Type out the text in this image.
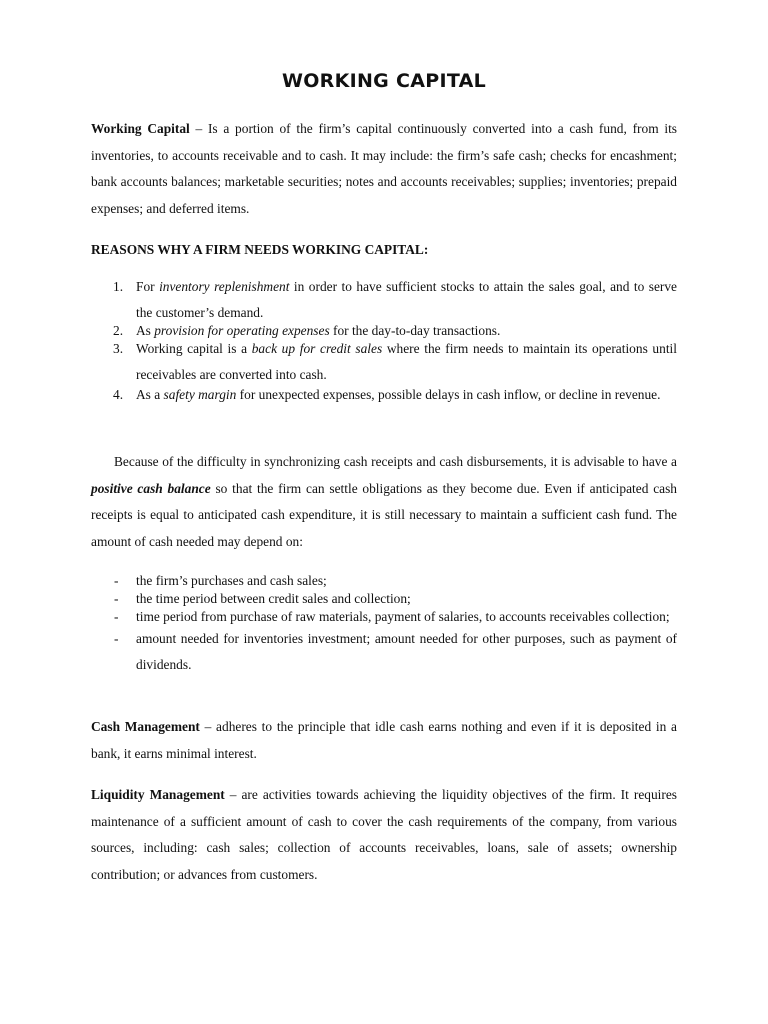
WORKING CAPITAL

Working Capital – Is a portion of the firm’s capital continuously converted into a cash fund, from its inventories, to accounts receivable and to cash. It may include: the firm’s safe cash; checks for encashment; bank accounts balances; marketable securities; notes and accounts receivables; supplies; inventories; prepaid expenses; and deferred items.

REASONS WHY A FIRM NEEDS WORKING CAPITAL:
1. For inventory replenishment in order to have sufficient stocks to attain the sales goal, and to serve the customer’s demand.
2. As provision for operating expenses for the day-to-day transactions.
3. Working capital is a back up for credit sales where the firm needs to maintain its operations until receivables are converted into cash.
4. As a safety margin for unexpected expenses, possible delays in cash inflow, or decline in revenue.

Because of the difficulty in synchronizing cash receipts and cash disbursements, it is advisable to have a positive cash balance so that the firm can settle obligations as they become due. Even if anticipated cash receipts is equal to anticipated cash expenditure, it is still necessary to maintain a sufficient cash fund. The amount of cash needed may depend on:

- the firm’s purchases and cash sales;
- the time period between credit sales and collection;
- time period from purchase of raw materials, payment of salaries, to accounts receivables collection;
- amount needed for inventories investment; amount needed for other purposes, such as payment of dividends.

Cash Management – adheres to the principle that idle cash earns nothing and even if it is deposited in a bank, it earns minimal interest.

Liquidity Management – are activities towards achieving the liquidity objectives of the firm. It requires maintenance of a sufficient amount of cash to cover the cash requirements of the company, from various sources, including: cash sales; collection of accounts receivables, loans, sale of assets; ownership contribution; or advances from customers.
